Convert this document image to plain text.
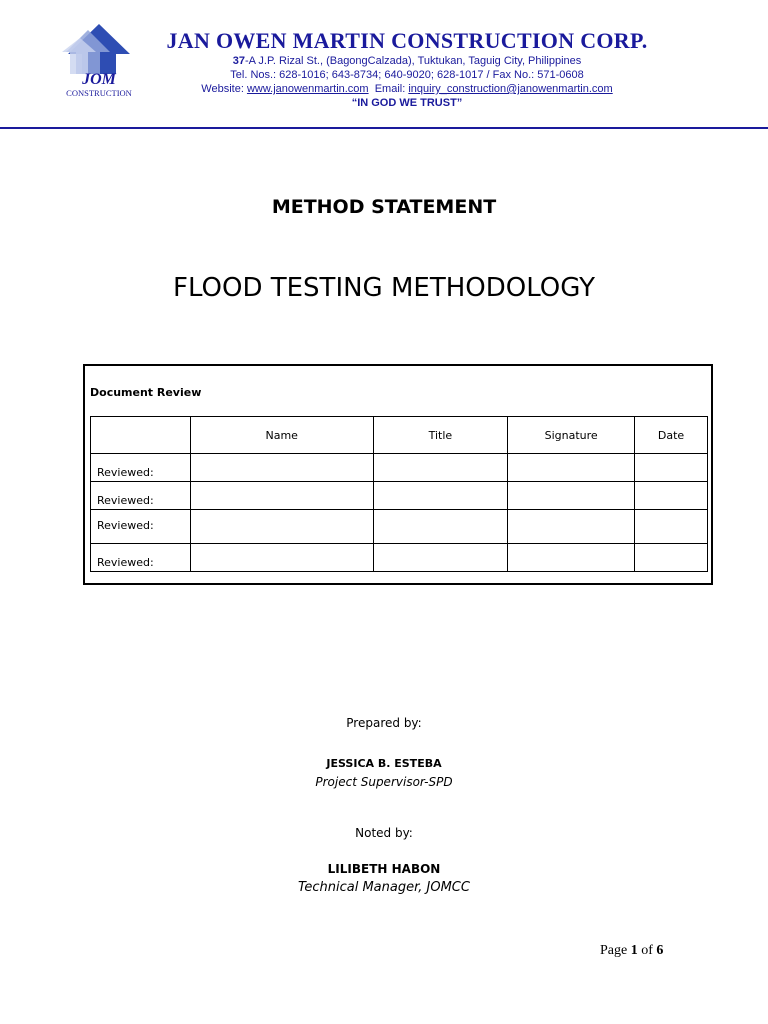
JOM
CONSTRUCTION
JAN OWEN MARTIN CONSTRUCTION CORP.
37-A J.P. Rizal St., (BagongCalzada), Tuktukan, Taguig City, Philippines
Tel. Nos.: 628-1016; 643-8734; 640-9020; 628-1017 / Fax No.: 571-0608
Website: www.janowenmartin.com  Email: inquiry_construction@janowenmartin.com
“IN GOD WE TRUST”
METHOD STATEMENT
FLOOD TESTING METHODOLOGY
Document Review
	Name	Title	Signature	Date
Reviewed:				
Reviewed:				
Reviewed:				
Reviewed:				
Prepared by:
JESSICA B. ESTEBA
Project Supervisor-SPD
Noted by:
LILIBETH HABON
Technical Manager, JOMCC
Page 1 of 6
